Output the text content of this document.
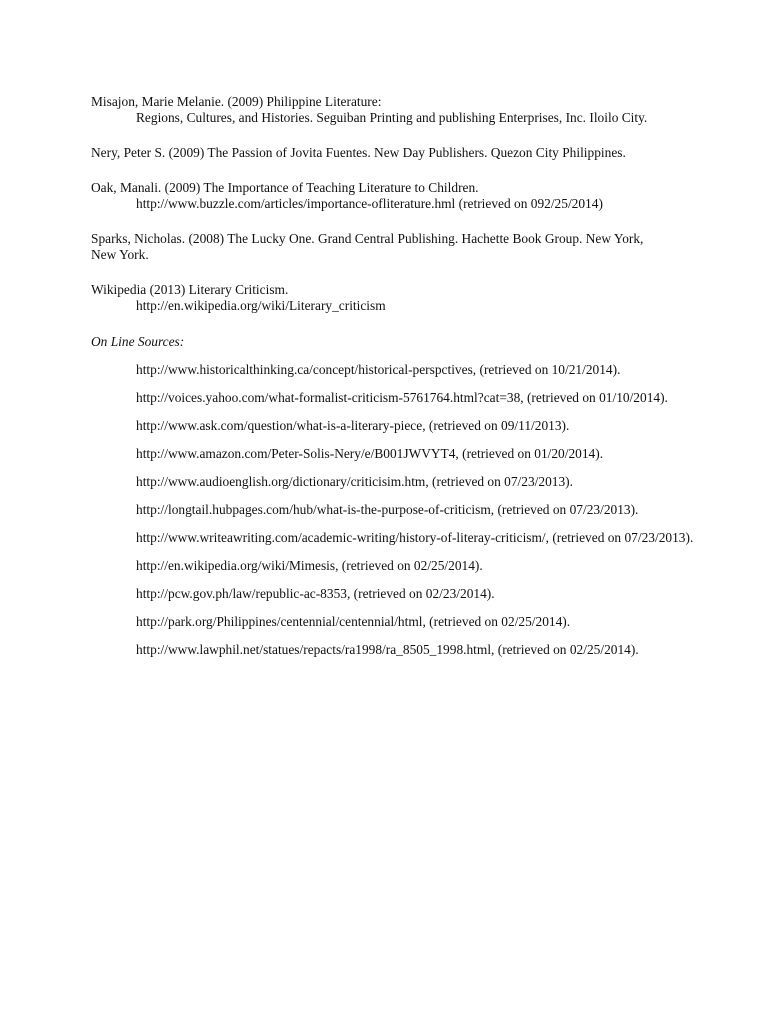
Misajon, Marie Melanie. (2009) Philippine Literature:
Regions, Cultures, and Histories. Seguiban Printing and publishing Enterprises, Inc. Iloilo City.

Nery, Peter S. (2009) The Passion of Jovita Fuentes. New Day Publishers. Quezon City Philippines.

Oak, Manali. (2009) The Importance of Teaching Literature to Children.
http://www.buzzle.com/articles/importance-ofliterature.hml (retrieved on 092/25/2014)

Sparks, Nicholas. (2008) The Lucky One. Grand Central Publishing. Hachette Book Group. New York,
New York.

Wikipedia (2013) Literary Criticism.
http://en.wikipedia.org/wiki/Literary_criticism

On Line Sources:
http://www.historicalthinking.ca/concept/historical-perspctives, (retrieved on 10/21/2014).
http://voices.yahoo.com/what-formalist-criticism-5761764.html?cat=38, (retrieved on 01/10/2014).
http://www.ask.com/question/what-is-a-literary-piece, (retrieved on 09/11/2013).
http://www.amazon.com/Peter-Solis-Nery/e/B001JWVYT4, (retrieved on 01/20/2014).
http://www.audioenglish.org/dictionary/criticisim.htm, (retrieved on 07/23/2013).
http://longtail.hubpages.com/hub/what-is-the-purpose-of-criticism, (retrieved on 07/23/2013).
http://www.writeawriting.com/academic-writing/history-of-literay-criticism/, (retrieved on 07/23/2013).
http://en.wikipedia.org/wiki/Mimesis, (retrieved on 02/25/2014).
http://pcw.gov.ph/law/republic-ac-8353, (retrieved on 02/23/2014).
http://park.org/Philippines/centennial/centennial/html, (retrieved on 02/25/2014).
http://www.lawphil.net/statues/repacts/ra1998/ra_8505_1998.html, (retrieved on 02/25/2014).
